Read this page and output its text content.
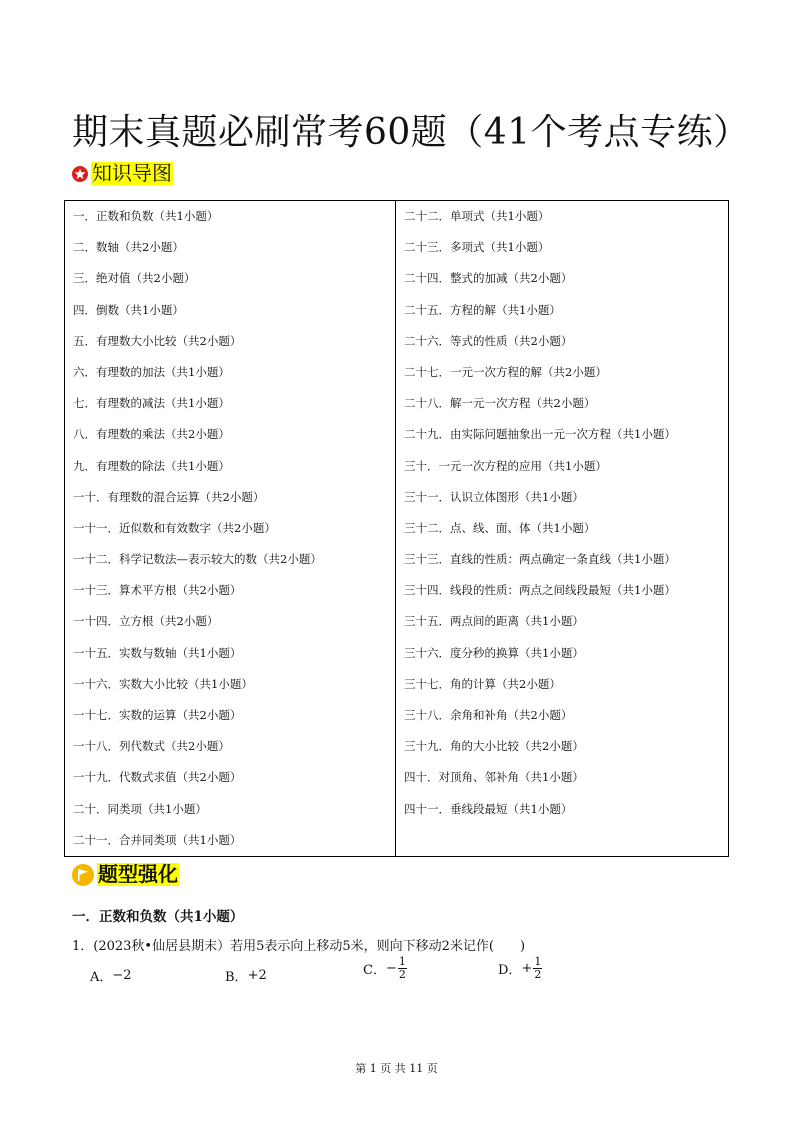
期末真题必刷常考60题（41个考点专练）
知识导图
一．正数和负数（共1小题）
二．数轴（共2小题）
三．绝对值（共2小题）
四．倒数（共1小题）
五．有理数大小比较（共2小题）
六．有理数的加法（共1小题）
七．有理数的减法（共1小题）
八．有理数的乘法（共2小题）
九．有理数的除法（共1小题）
一十．有理数的混合运算（共2小题）
一十一．近似数和有效数字（共2小题）
一十二．科学记数法—表示较大的数（共2小题）
一十三．算术平方根（共2小题）
一十四．立方根（共2小题）
一十五．实数与数轴（共1小题）
一十六．实数大小比较（共1小题）
一十七．实数的运算（共2小题）
一十八．列代数式（共2小题）
一十九．代数式求值（共2小题）
二十．同类项（共1小题）
二十一．合并同类项（共1小题）

二十二．单项式（共1小题）
二十三．多项式（共1小题）
二十四．整式的加减（共2小题）
二十五．方程的解（共1小题）
二十六．等式的性质（共2小题）
二十七．一元一次方程的解（共2小题）
二十八．解一元一次方程（共2小题）
二十九．由实际问题抽象出一元一次方程（共1小题）
三十．一元一次方程的应用（共1小题）
三十一．认识立体图形（共1小题）
三十二．点、线、面、体（共1小题）
三十三．直线的性质：两点确定一条直线（共1小题）
三十四．线段的性质：两点之间线段最短（共1小题）
三十五．两点间的距离（共1小题）
三十六．度分秒的换算（共1小题）
三十七．角的计算（共2小题）
三十八．余角和补角（共2小题）
三十九．角的大小比较（共2小题）
四十．对顶角、邻补角（共1小题）
四十一．垂线段最短（共1小题）
题型强化
一．正数和负数（共1小题）
1．(2023秋•仙居县期末）若用5表示向上移动5米，则向下移动2米记作(　　)
A． −2	B． +2	C． − $\frac{1}{2}$	D． + $\frac{1}{2}$
第 1 页 共 11 页
